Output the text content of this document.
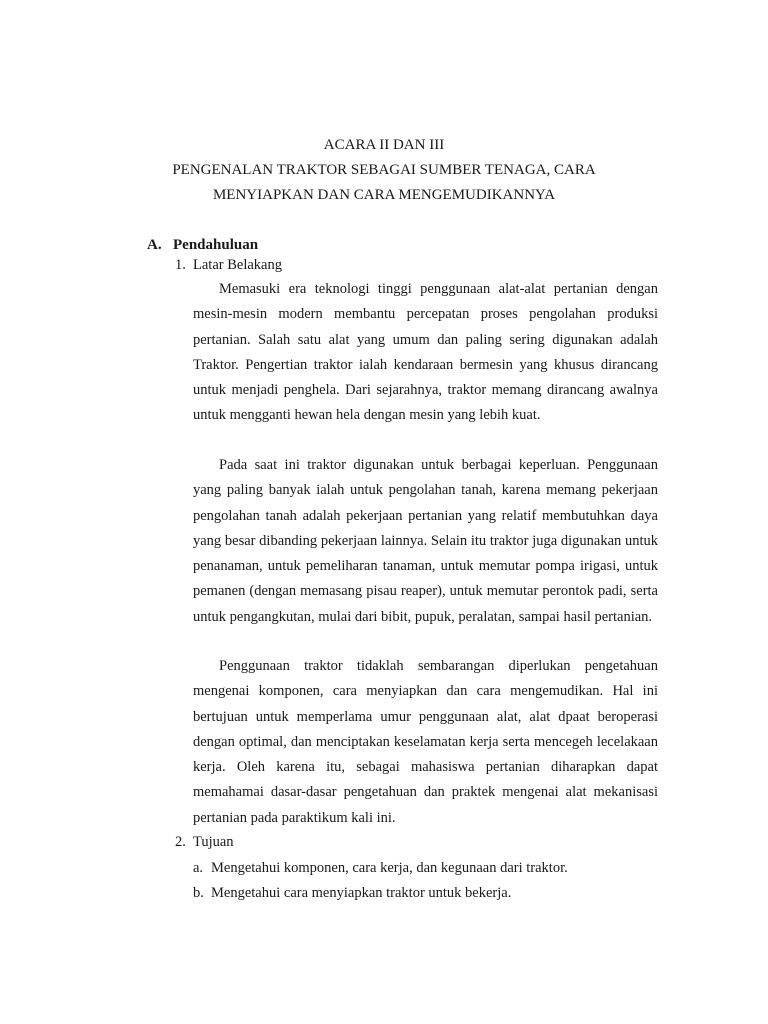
ACARA II DAN III

PENGENALAN TRAKTOR SEBAGAI SUMBER TENAGA, CARA

MENYIAPKAN DAN CARA MENGEMUDIKANNYA

A. Pendahuluan

1. Latar Belakang

Memasuki era teknologi tinggi penggunaan alat-alat pertanian dengan mesin-mesin modern membantu percepatan proses pengolahan produksi pertanian. Salah satu alat yang umum dan paling sering digunakan adalah Traktor. Pengertian traktor ialah kendaraan bermesin yang khusus dirancang untuk menjadi penghela. Dari sejarahnya, traktor memang dirancang awalnya untuk mengganti hewan hela dengan mesin yang lebih kuat.

Pada saat ini traktor digunakan untuk berbagai keperluan. Penggunaan yang paling banyak ialah untuk pengolahan tanah, karena memang pekerjaan pengolahan tanah adalah pekerjaan pertanian yang relatif membutuhkan daya yang besar dibanding pekerjaan lainnya. Selain itu traktor juga digunakan untuk penanaman, untuk pemeliharan tanaman, untuk memutar pompa irigasi, untuk pemanen (dengan memasang pisau reaper), untuk memutar perontok padi, serta untuk pengangkutan, mulai dari bibit, pupuk, peralatan, sampai hasil pertanian.

Penggunaan traktor tidaklah sembarangan diperlukan pengetahuan mengenai komponen, cara menyiapkan dan cara mengemudikan. Hal ini bertujuan untuk memperlama umur penggunaan alat, alat dpaat beroperasi dengan optimal, dan menciptakan keselamatan kerja serta mencegeh lecelakaan kerja. Oleh karena itu, sebagai mahasiswa pertanian diharapkan dapat memahamai dasar-dasar pengetahuan dan praktek mengenai alat mekanisasi pertanian pada paraktikum kali ini.

2. Tujuan

a. Mengetahui komponen, cara kerja, dan kegunaan dari traktor.

b. Mengetahui cara menyiapkan traktor untuk bekerja.
